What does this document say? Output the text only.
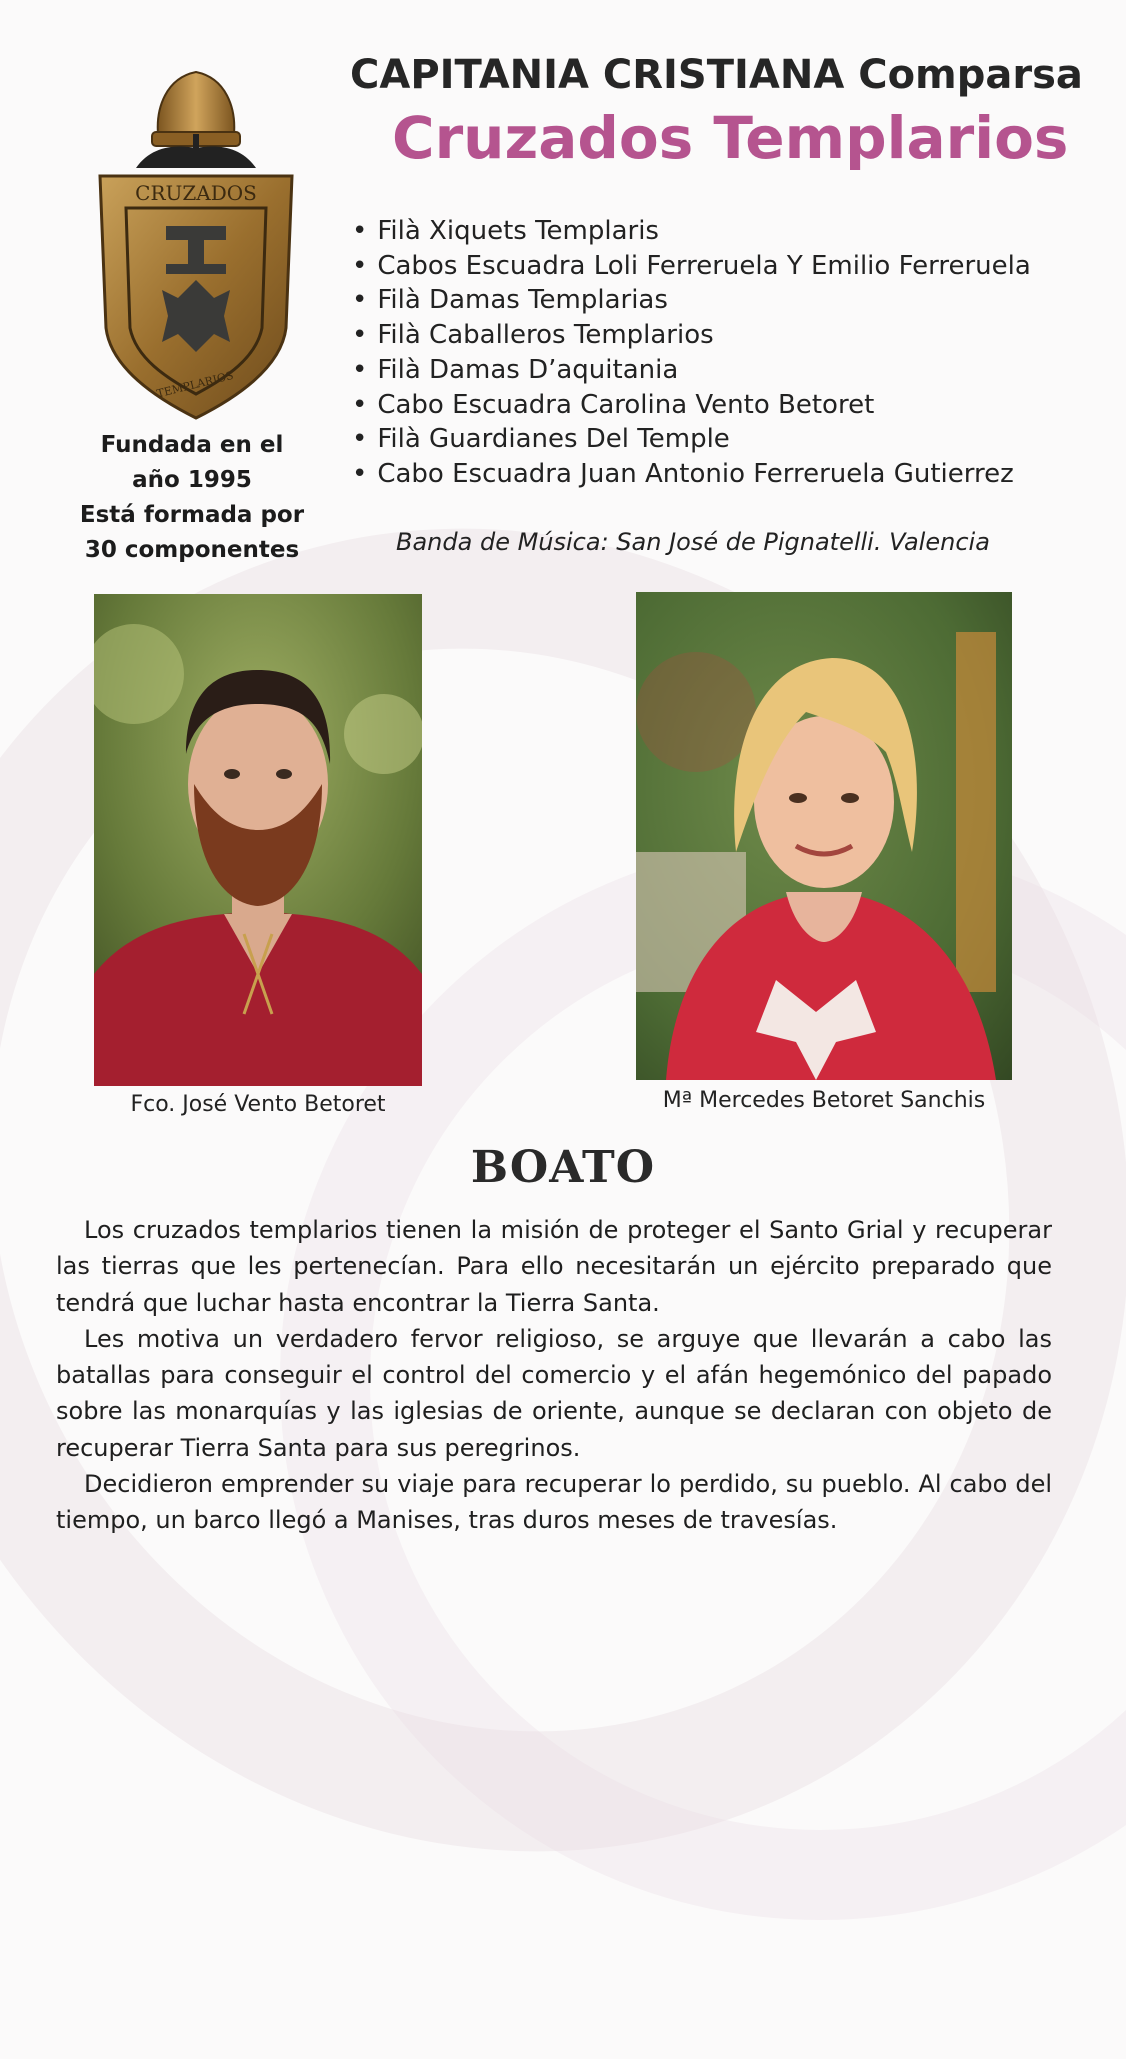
CRUZADOS
TEMPLARIOS
Fundada en el
año 1995
Está formada por
30 componentes
CAPITANIA CRISTIANA Comparsa
Cruzados Templarios
• Filà Xiquets Templaris
• Cabos Escuadra Loli Ferreruela Y Emilio Ferreruela
• Filà Damas Templarias
• Filà Caballeros Templarios
• Filà Damas D’aquitania
• Cabo Escuadra Carolina Vento Betoret
• Filà Guardianes Del Temple
• Cabo Escuadra Juan Antonio Ferreruela Gutierrez
Banda de Música: San José de Pignatelli. Valencia
Fco. José Vento Betoret	Mª Mercedes Betoret Sanchis
BOATO

Los cruzados templarios tienen la misión de proteger el Santo Grial y recuperar las tierras que les pertenecían. Para ello necesitarán un ejército preparado que tendrá que luchar hasta encontrar la Tierra Santa.

Les motiva un verdadero fervor religioso, se arguye que llevarán a cabo las batallas para conseguir el control del comercio y el afán hegemónico del papado sobre las monarquías y las iglesias de oriente, aunque se declaran con objeto de recuperar Tierra Santa para sus peregrinos.

Decidieron emprender su viaje para recuperar lo perdido, su pueblo. Al cabo del tiempo, un barco llegó a Manises, tras duros meses de travesías.
